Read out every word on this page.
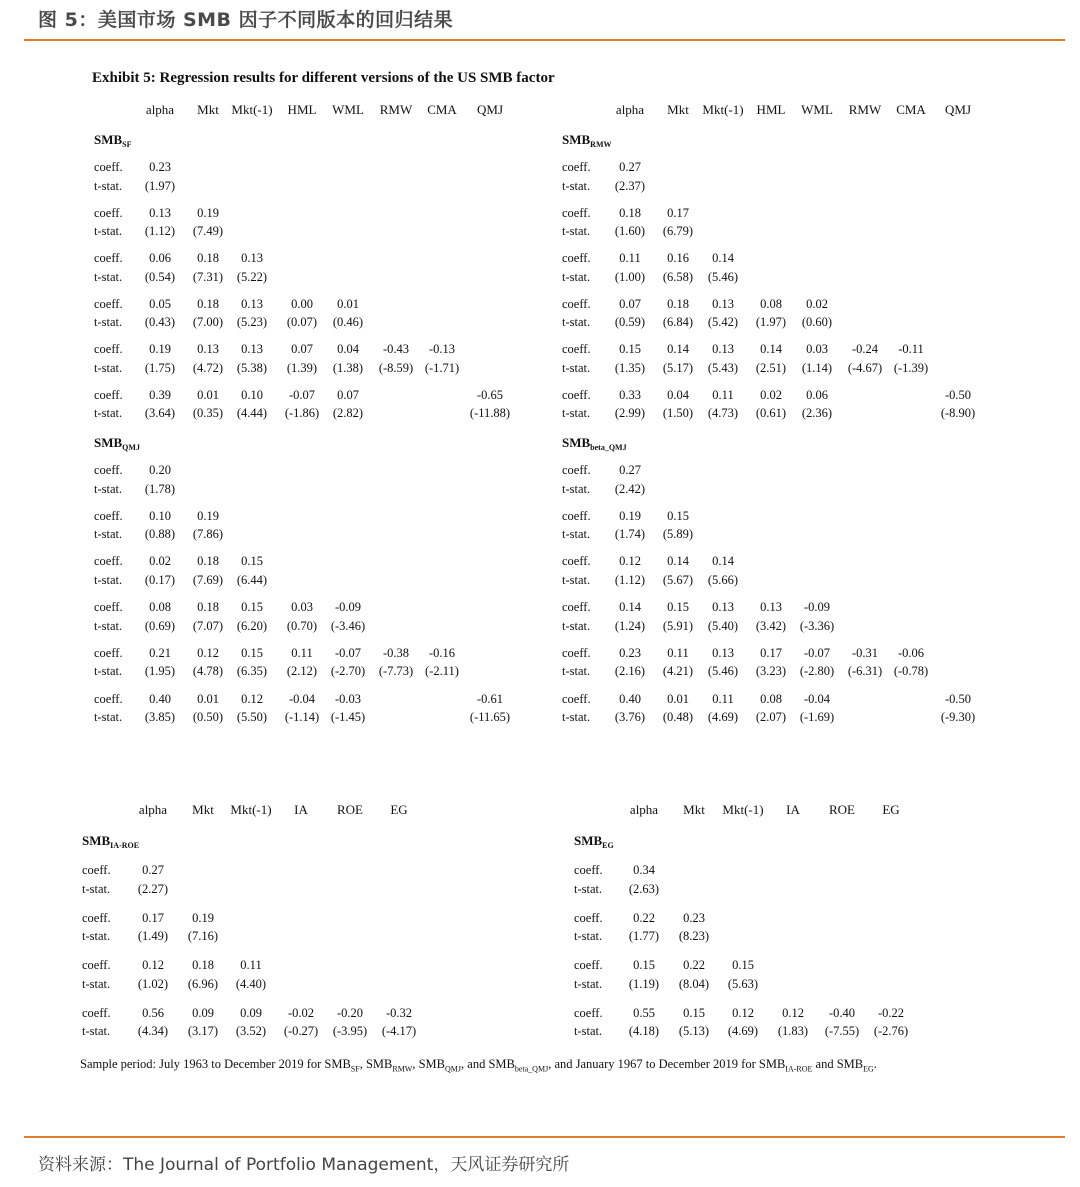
图 5：美国市场 SMB 因子不同版本的回归结果
Exhibit 5: Regression results for different versions of the US SMB factor
alpha Mkt Mkt(-1) HML WML RMW CMA QMJ	alpha Mkt Mkt(-1) HML WML RMW CMA QMJ
alpha Mkt Mkt(-1) IA ROE EG	alpha Mkt Mkt(-1) IA ROE EG
$SMB_{SF}$
coeff. 0.23
t-stat. (1.97)
coeff. 0.13 0.19
t-stat. (1.12) (7.49)
coeff. 0.06 0.18 0.13
t-stat. (0.54) (7.31) (5.22)
coeff. 0.05 0.18 0.13 0.00 0.01
t-stat. (0.43) (7.00) (5.23) (0.07) (0.46)
coeff. 0.19 0.13 0.13 0.07 0.04 -0.43 -0.13
t-stat. (1.75) (4.72) (5.38) (1.39) (1.38) (-8.59) (-1.71)
coeff. 0.39 0.01 0.10 -0.07 0.07	-0.65
t-stat. (3.64) (0.35) (4.44) (-1.86) (2.82)	(-11.88)
$SMB_{RMW}$
coeff. 0.27
t-stat. (2.37)
coeff. 0.18 0.17
t-stat. (1.60) (6.79)
coeff. 0.11 0.16 0.14
t-stat. (1.00) (6.58) (5.46)
coeff. 0.07 0.18 0.13 0.08 0.02
t-stat. (0.59) (6.84) (5.42) (1.97) (0.60)
coeff. 0.15 0.14 0.13 0.14 0.03 -0.24 -0.11
t-stat. (1.35) (5.17) (5.43) (2.51) (1.14) (-4.67) (-1.39)
coeff. 0.33 0.04 0.11 0.02 0.06	-0.50
t-stat. (2.99) (1.50) (4.73) (0.61) (2.36)	(-8.90)
$SMB_{QMJ}$
coeff. 0.20
t-stat. (1.78)
coeff. 0.10 0.19
t-stat. (0.88) (7.86)
coeff. 0.02 0.18 0.15
t-stat. (0.17) (7.69) (6.44)
coeff. 0.08 0.18 0.15 0.03 -0.09
t-stat. (0.69) (7.07) (6.20) (0.70) (-3.46)
coeff. 0.21 0.12 0.15 0.11 -0.07 -0.38 -0.16
t-stat. (1.95) (4.78) (6.35) (2.12) (-2.70) (-7.73) (-2.11)
coeff. 0.40 0.01 0.12 -0.04 -0.03	-0.61
t-stat. (3.85) (0.50) (5.50) (-1.14) (-1.45)	(-11.65)
$SMB_{beta\_QMJ}$
coeff. 0.27
t-stat. (2.42)
coeff. 0.19 0.15
t-stat. (1.74) (5.89)
coeff. 0.12 0.14 0.14
t-stat. (1.12) (5.67) (5.66)
coeff. 0.14 0.15 0.13 0.13 -0.09
t-stat. (1.24) (5.91) (5.40) (3.42) (-3.36)
coeff. 0.23 0.11 0.13 0.17 -0.07 -0.31 -0.06
t-stat. (2.16) (4.21) (5.46) (3.23) (-2.80) (-6.31) (-0.78)
coeff. 0.40 0.01 0.11 0.08 -0.04	-0.50
t-stat. (3.76) (0.48) (4.69) (2.07) (-1.69)	(-9.30)
$SMB_{IA-ROE}$
coeff.	0.27
t-stat. (2.27)
coeff.	0.17 0.19
t-stat. (1.49) (7.16)
coeff.	0.12 0.18 0.11
t-stat. (1.02) (6.96) (4.40)
coeff.	0.56 0.09 0.09 -0.02 -0.20 -0.32
t-stat. (4.34) (3.17) (3.52) (-0.27) (-3.95) (-4.17)
$SMB_{EG}$
coeff. 0.34
t-stat. (2.63)
coeff. 0.22 0.23
t-stat. (1.77) (8.23)
coeff. 0.15 0.22 0.15
t-stat. (1.19) (8.04) (5.63)
coeff. 0.55 0.15 0.12 0.12 -0.40 -0.22
t-stat. (4.18) (5.13) (4.69) (1.83) (-7.55) (-2.76)
Sample period: July 1963 to December 2019 for $SMB_{SF}$, $SMB_{RMW}$, $SMB_{QMJ}$, and $SMB_{beta\_QMJ}$, and January 1967 to December 2019 for $SMB_{IA-ROE}$ and $SMB_{EG}$.
资料来源：The Journal of Portfolio Management，天风证券研究所
